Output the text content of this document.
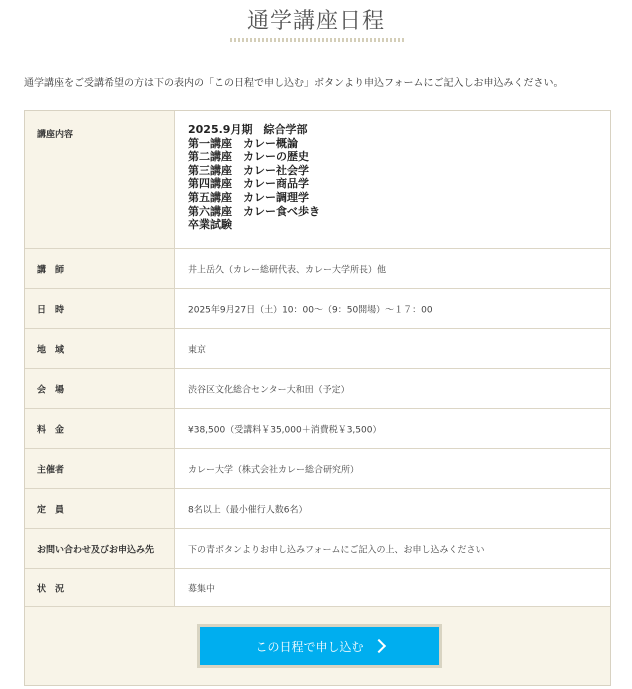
通学講座日程
通学講座をご受講希望の方は下の表内の「この日程で申し込む」ボタンより申込フォームにご記入しお申込みください。
講座内容	2025.9月期　綜合学部
第一講座　カレー概論
第二講座　カレーの歴史
第三講座　カレー社会学
第四講座　カレー商品学
第五講座　カレー調理学
第六講座　カレー食べ歩き
卒業試験
講　師	井上岳久（カレー総研代表、カレー大学所長）他
日　時	2025年9月27日（土）10：00～（9：50開場）～１７：00
地　域	東京
会　場	渋谷区文化総合センター大和田（予定）
料　金	¥38,500（受講料￥35,000＋消費税￥3,500）
主催者	カレー大学（株式会社カレー総合研究所）
定　員	8名以上（最小催行人数6名）
お問い合わせ及びお申込み先	下の青ボタンよりお申し込みフォームにご記入の上、お申し込みください
状　況	募集中
この日程で申し込む
